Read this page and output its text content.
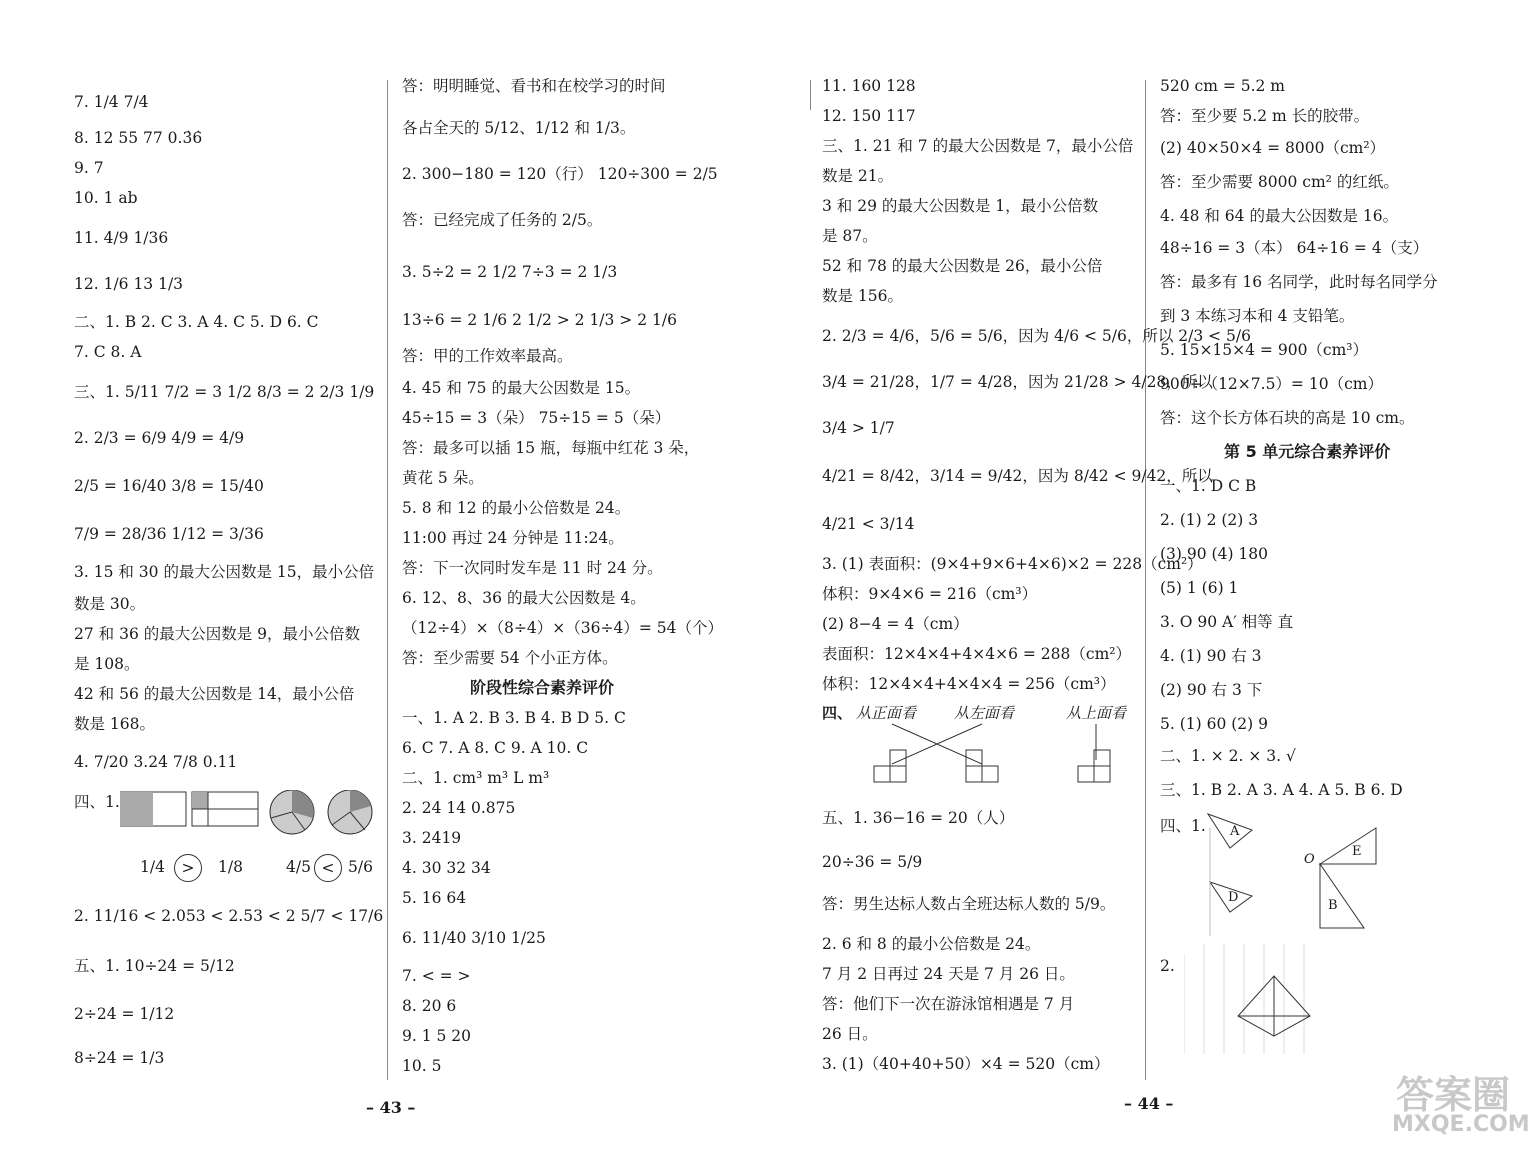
7. 1/4 7/4
8. 12 55 77 0.3̇6̇
9. 7
10. 1 ab
11. 4/9 1/36
12. 1/6 13 1/3
二、1. B 2. C 3. A 4. C 5. D 6. C
7. C 8. A
三、1. 5/11 7/2 = 3 1/2 8/3 = 2 2/3 1/9
2. 2/3 = 6/9 4/9 = 4/9
2/5 = 16/40 3/8 = 15/40
7/9 = 28/36 1/12 = 3/36
3. 15 和 30 的最大公因数是 15，最小公倍
数是 30。
27 和 36 的最大公因数是 9，最小公倍数
是 108。
42 和 56 的最大公因数是 14，最小公倍
数是 168。
4. 7/20 3.24 7/8 0.11
四、1.
2. 11/16 < 2.053 < 2.53 < 2 5/7 < 17/6
五、1. 10÷24 = 5/12
2÷24 = 1/12
8÷24 = 1/3
答：明明睡觉、看书和在校学习的时间
各占全天的 5/12、1/12 和 1/3。
2. 300−180 = 120（行） 120÷300 = 2/5
答：已经完成了任务的 2/5。
3. 5÷2 = 2 1/2 7÷3 = 2 1/3
13÷6 = 2 1/6 2 1/2 > 2 1/3 > 2 1/6
答：甲的工作效率最高。
4. 45 和 75 的最大公因数是 15。
45÷15 = 3（朵） 75÷15 = 5（朵）
答：最多可以插 15 瓶，每瓶中红花 3 朵，
黄花 5 朵。
5. 8 和 12 的最小公倍数是 24。
11:00 再过 24 分钟是 11:24。
答：下一次同时发车是 11 时 24 分。
6. 12、8、36 的最大公因数是 4。
（12÷4）×（8÷4）×（36÷4）= 54（个）
答：至少需要 54 个小正方体。
一、1. A 2. B 3. B 4. B D 5. C
6. C 7. A 8. C 9. A 10. C
二、1. cm³ m³ L m³
2. 24 14 0.875
3. 2419
4. 30 32 34
5. 16 64
6. 11/40 3/10 1/25
7. < = >
8. 20 6
9. 1 5 20
10. 5
阶段性综合素养评价
11. 160 128
12. 150 117
三、1. 21 和 7 的最大公因数是 7，最小公倍
数是 21。
3 和 29 的最大公因数是 1，最小公倍数
是 87。
52 和 78 的最大公因数是 26，最小公倍
数是 156。
2. 2/3 = 4/6，5/6 = 5/6，因为 4/6 < 5/6，所以 2/3 < 5/6
3/4 = 21/28，1/7 = 4/28，因为 21/28 > 4/28，所以
3/4 > 1/7
4/21 = 8/42，3/14 = 9/42，因为 8/42 < 9/42，所以
4/21 < 3/14
3. (1) 表面积：(9×4+9×6+4×6)×2 = 228（cm²）
体积：9×4×6 = 216（cm³）
(2) 8−4 = 4（cm）
表面积：12×4×4+4×4×6 = 288（cm²）
体积：12×4×4+4×4×4 = 256（cm³）
五、1. 36−16 = 20（人）
20÷36 = 5/9
答：男生达标人数占全班达标人数的 5/9。
2. 6 和 8 的最小公倍数是 24。
7 月 2 日再过 24 天是 7 月 26 日。
答：他们下一次在游泳馆相遇是 7 月
26 日。
3. (1)（40+40+50）×4 = 520（cm）
520 cm = 5.2 m
答：至少要 5.2 m 长的胶带。
(2) 40×50×4 = 8000（cm²）
答：至少需要 8000 cm² 的红纸。
4. 48 和 64 的最大公因数是 16。
48÷16 = 3（本） 64÷16 = 4（支）
答：最多有 16 名同学，此时每名同学分
到 3 本练习本和 4 支铅笔。
5. 15×15×4 = 900（cm³）
900÷（12×7.5）= 10（cm）
答：这个长方体石块的高是 10 cm。
一、1. D C B
2. (1) 2 (2) 3
(3) 90 (4) 180
(5) 1 (6) 1
3. O 90 A′ 相等 直
4. (1) 90 右 3
(2) 90 右 3 下
5. (1) 60 (2) 9
二、1. × 2. × 3. √
三、1. B 2. A 3. A 4. A 5. B 6. D
四、1.
2.
第 5 单元综合素养评价
1/4	>	1/8	4/5 < 5/6
– 43 –
四、 从正面看	从左面看	从上面看
A
D
E
B
O
– 44 –	答案圈
MXQE.COM
